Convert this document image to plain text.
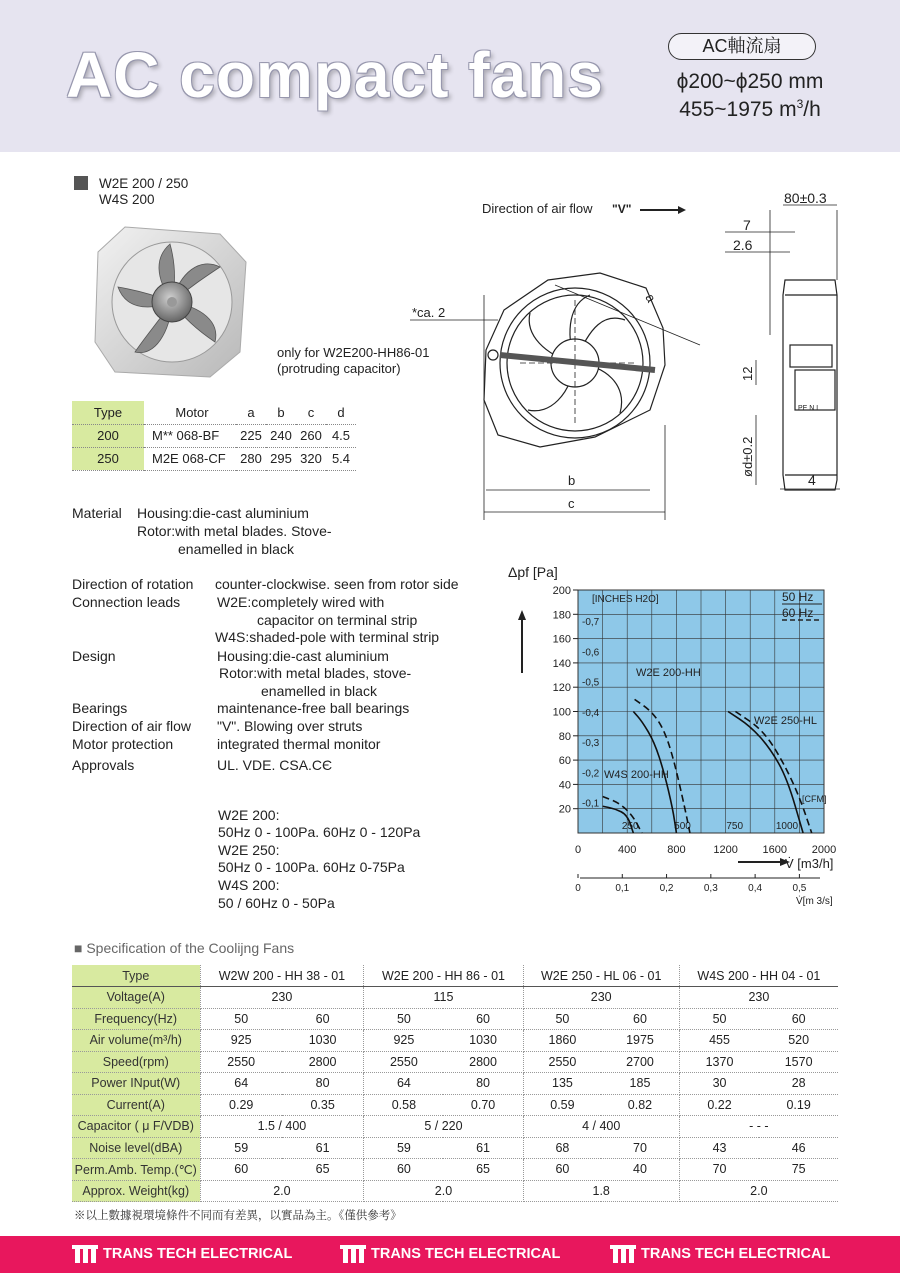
AC compact fans	AC軸流扇
ϕ200~ϕ250 mm
455~1975 $m^3/h$
W2E 200 / 250
W4S 200
only for W2E200-HH86-01
(protruding capacitor)
Type	Motor	a	b	c	d
200	M** 068-BF	225	240	260	4.5
250	M2E 068-CF	280	295	320	5.4
Direction of air flow "V"
*ca. 2
a
b
c
80±0.3
7
2.6
12
ød±0.2
4
PE N L
Material Housing:die-cast aluminium
Rotor:with metal blades. Stove-
enamelled in black
Direction of rotation counter-clockwise. seen from rotor side
Connection leads	W2E:completely wired with
capacitor on terminal strip
W4S:shaded-pole with terminal strip
Design	Housing:die-cast aluminium
Rotor:with metal blades, stove-
enamelled in black
Bearings	maintenance-free ball bearings
Direction of air flow "V". Blowing over struts
Motor protection	integrated thermal monitor
Approvals	UL. VDE. CSA.CЄ
W2E 200:
50Hz 0 - 100Pa. 60Hz 0 - 120Pa
W2E 250:
50Hz 0 - 100Pa. 60Hz 0-75Pa
W4S 200:
50 / 60Hz 0 - 50Pa
20
40
60
80
100
120
140
160
180
200
0	400	800	1200 1600 2000
-0,1
-0,2
-0,3
-0,4
-0,5
-0,6
-0,7
250	500	750	1000
0	0,1	0,2	0,3	0,4	0,5
Δpf [Pa]
[INCHES H2O]	50 Hz
60 Hz
[CFM]
W2E 200-HH
W2E 250-HL
W4S 200-HH
V̇ [m3/h]
V̇[m 3/s]
■ Specification of the Coolijng Fans
Type	W2W 200 - HH 38 - 01		W2E 200 - HH 86 - 01		W2E 250 - HL 06 - 01		W4S 200 - HH 04 - 01	
Voltage(A)	230		115		230		230	
Frequency(Hz)	50	60	50	60	50	60	50	60
Air volume(m³/h)	925	1030	925	1030	1860	1975	455	520
Speed(rpm)	2550	2800	2550	2800	2550	2700	1370	1570
Power INput(W)	64	80	64	80	135	185	30	28
Current(A)	0.29	0.35	0.58	0.70	0.59	0.82	0.22	0.19
Capacitor ( μ F/VDB)	1.5 / 400		5 / 220		4 / 400		- - -	
Noise level(dBA)	59	61	59	61	68	70	43	46
Perm.Amb. Temp.(℃)	60	65	60	65	60	40	70	75
Approx. Weight(kg)	2.0		2.0		1.8		2.0	
※以上數據視環境條件不同而有差異，以實品為主。《僅供參考》
TRANS TECH ELECTRICAL	TRANS TECH ELECTRICAL	TRANS TECH ELECTRICAL
